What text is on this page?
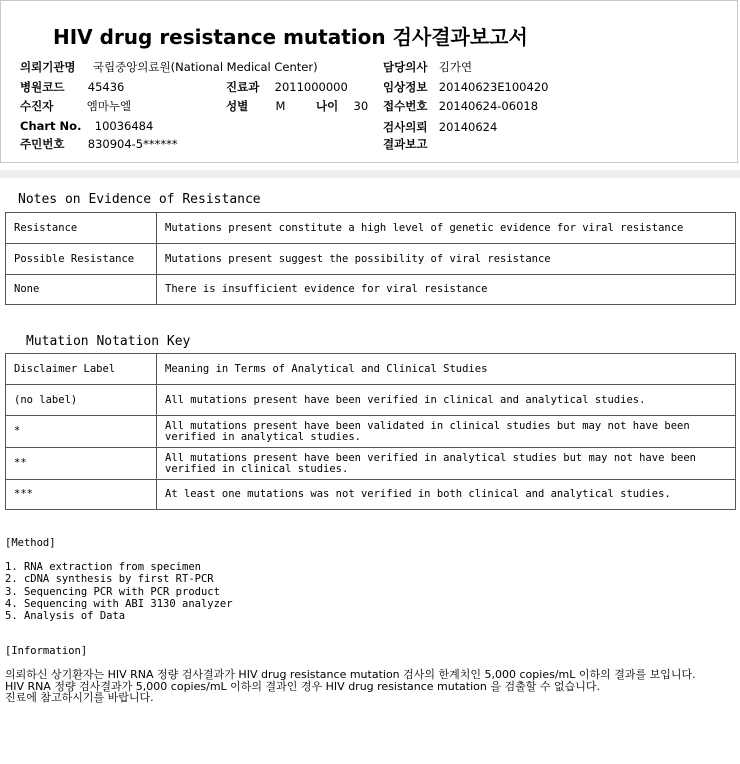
HIV drug resistance mutation 검사결과보고서
의뢰기관명 국립중앙의료원(National Medical Center)	담당의사 김가연
병원코드 45436	진료과 2011000000	임상정보 20140623E100420
수진자	엠마누엘	성별 M	나이 30 접수번호 20140624-06018
Chart No. 10036484	검사의뢰 20140624
주민번호 830904-5******	결과보고
Notes on Evidence of Resistance
Resistance	Mutations present constitute a high level of genetic evidence for viral resistance
Possible Resistance	Mutations present suggest the possibility of viral resistance
None	There is insufficient evidence for viral resistance
Mutation Notation Key
Disclaimer Label	Meaning in Terms of Analytical and Clinical Studies
(no label)	All mutations present have been verified in clinical and analytical studies.
*	All mutations present have been validated in clinical studies but may not have been verified in analytical studies.
**	All mutations present have been verified in analytical studies but may not have been verified in clinical studies.
***	At least one mutations was not verified in both clinical and analytical studies.
[Method]
1. RNA extraction from specimen
2. cDNA synthesis by first RT-PCR
3. Sequencing PCR with PCR product
4. Sequencing with ABI 3130 analyzer
5. Analysis of Data
[Information]
의뢰하신 상기환자는 HIV RNA 정량 검사결과가 HIV drug resistance mutation 검사의 한계치인 5,000 copies/mL 이하의 결과를 보입니다.
HIV RNA 정량 검사결과가 5,000 copies/mL 이하의 결과인 경우 HIV drug resistance mutation 을 검출할 수 없습니다.
진료에 참고하시기를 바랍니다.
